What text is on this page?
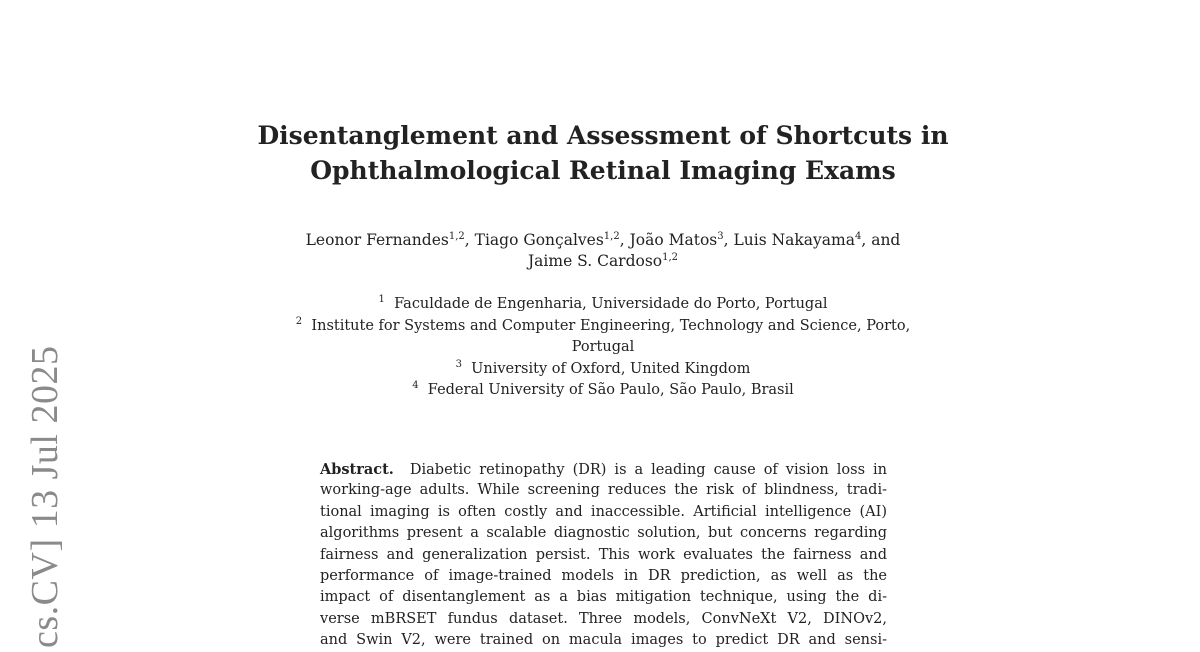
cs.CV] 13 Jul 2025
Disentanglement and Assessment of Shortcuts in
Ophthalmological Retinal Imaging Exams
Leonor Fernandes$^{1,2}$, Tiago Gonçalves$^{1,2}$, João Matos$^3$, Luis Nakayama$^4$, and
Jaime S. Cardoso$^{1,2}$
$^1$ Faculdade de Engenharia, Universidade do Porto, Portugal
$^2$ Institute for Systems and Computer Engineering, Technology and Science, Porto,
Portugal
$^3$ University of Oxford, United Kingdom
$^4$ Federal University of São Paulo, São Paulo, Brasil
Abstract. Diabetic retinopathy (DR) is a leading cause of vision loss in
working-age adults. While screening reduces the risk of blindness, tradi-
tional imaging is often costly and inaccessible. Artificial intelligence (AI)
algorithms present a scalable diagnostic solution, but concerns regarding
fairness and generalization persist. This work evaluates the fairness and
performance of image-trained models in DR prediction, as well as the
impact of disentanglement as a bias mitigation technique, using the di-
verse mBRSET fundus dataset. Three models, ConvNeXt V2, DINOv2,
and Swin V2, were trained on macula images to predict DR and sensi-
